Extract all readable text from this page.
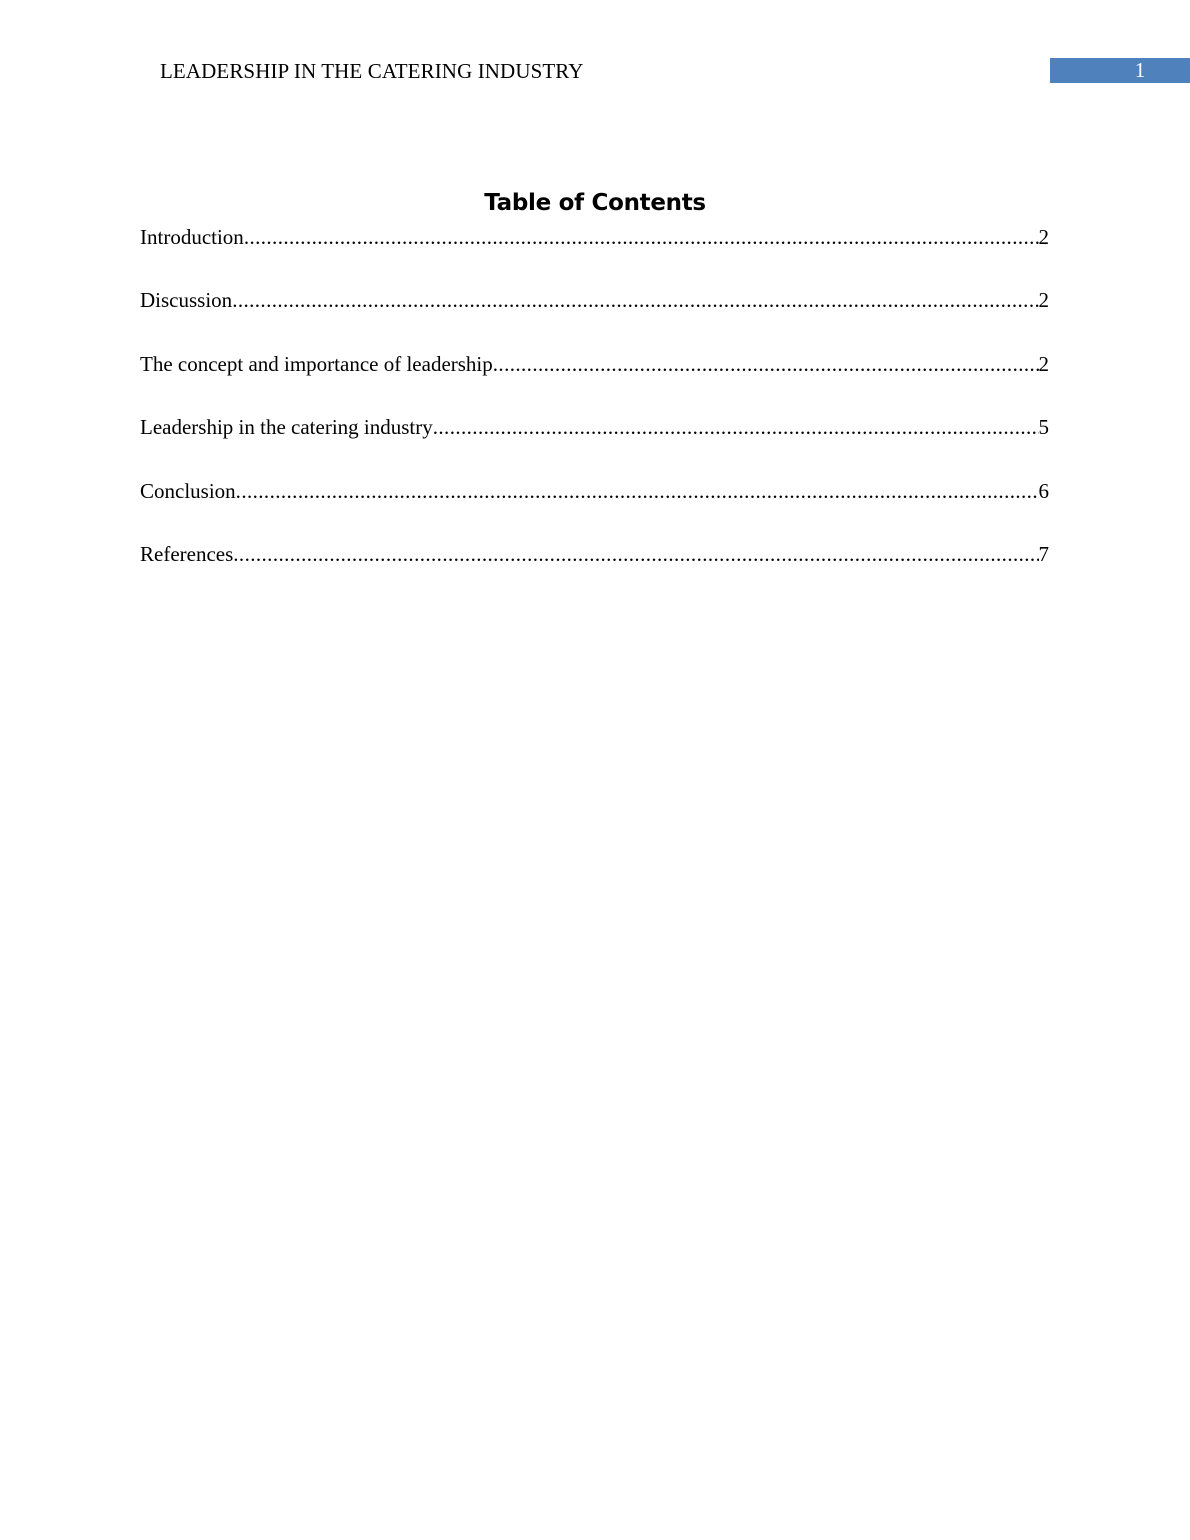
LEADERSHIP IN THE CATERING INDUSTRY	1
Table of Contents
Introduction .....	2
Discussion .....	2
The concept and importance of leadership .....	2
Leadership in the catering industry .....	5
Conclusion .....	6
References .....	7
